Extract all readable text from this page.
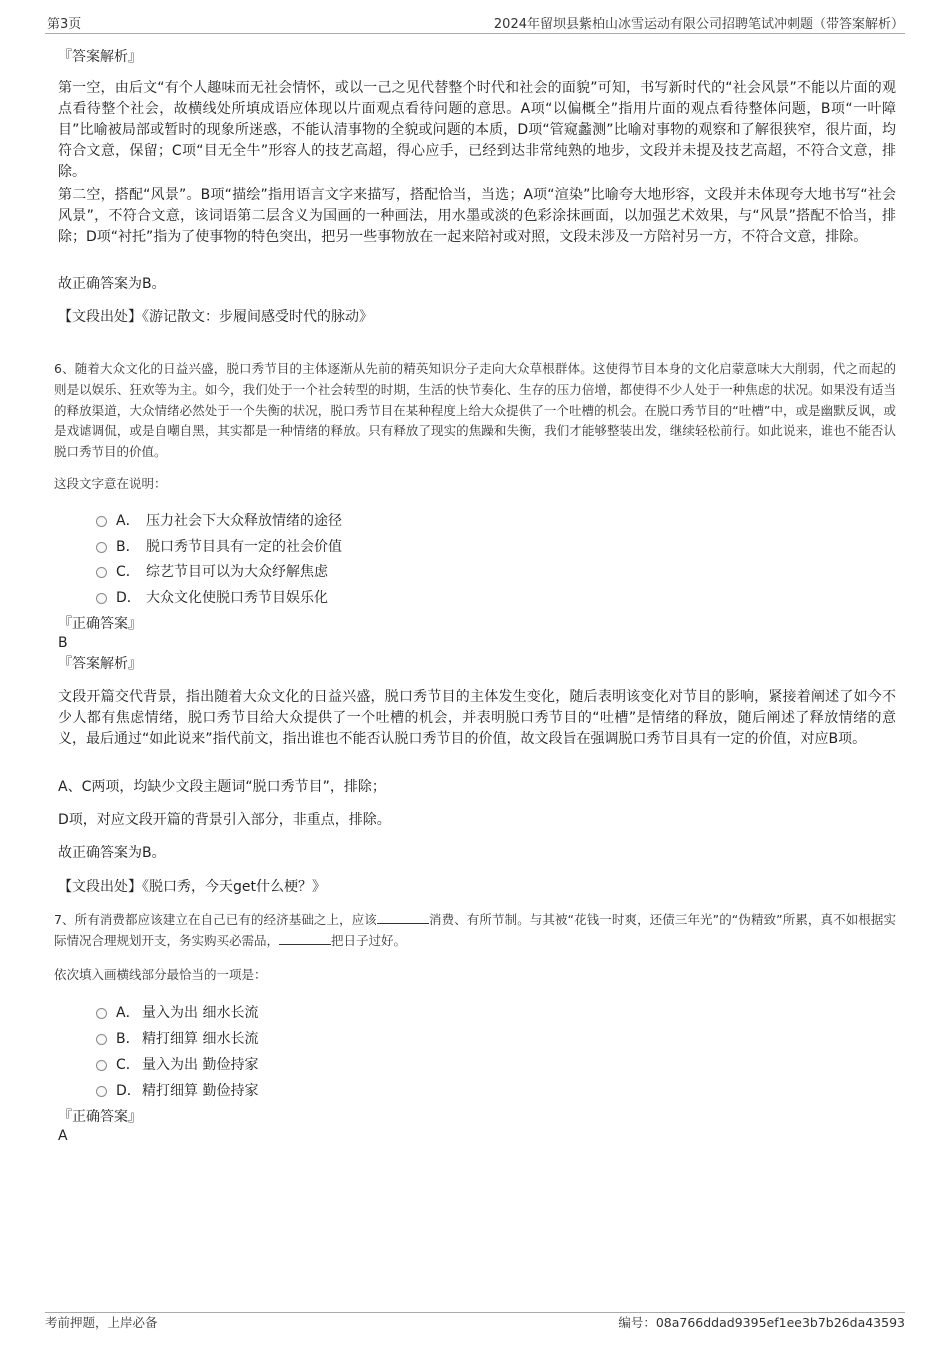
第3页	2024年留坝县紫柏山冰雪运动有限公司招聘笔试冲刺题（带答案解析）

『答案解析』

第一空，由后文“有个人趣味而无社会情怀，或以一己之见代替整个时代和社会的面貌”可知，书写新时代的“社会风景”不能以片面的观点看待整个社会，故横线处所填成语应体现以片面观点看待问题的意思。A项“以偏概全”指用片面的观点看待整体问题，B项“一叶障目”比喻被局部或暂时的现象所迷惑，不能认清事物的全貌或问题的本质，D项“管窥蠡测”比喻对事物的观察和了解很狭窄，很片面，均符合文意，保留；C项“目无全牛”形容人的技艺高超，得心应手，已经到达非常纯熟的地步，文段并未提及技艺高超，不符合文意，排除。

第二空，搭配“风景”。B项“描绘”指用语言文字来描写，搭配恰当，当选；A项“渲染”比喻夸大地形容，文段并未体现夸大地书写“社会风景”，不符合文意，该词语第二层含义为国画的一种画法，用水墨或淡的色彩涂抹画面，以加强艺术效果，与“风景”搭配不恰当，排除；D项“衬托”指为了使事物的特色突出，把另一些事物放在一起来陪衬或对照，文段未涉及一方陪衬另一方，不符合文意，排除。

故正确答案为B。

【文段出处】《游记散文：步履间感受时代的脉动》

6、随着大众文化的日益兴盛，脱口秀节目的主体逐渐从先前的精英知识分子走向大众草根群体。这使得节目本身的文化启蒙意味大大削弱，代之而起的则是以娱乐、狂欢等为主。如今，我们处于一个社会转型的时期，生活的快节奏化、生存的压力倍增，都使得不少人处于一种焦虑的状况。如果没有适当的释放渠道，大众情绪必然处于一个失衡的状况，脱口秀节目在某种程度上给大众提供了一个吐槽的机会。在脱口秀节目的“吐槽”中，或是幽默反讽，或是戏谑调侃，或是自嘲自黑，其实都是一种情绪的释放。只有释放了现实的焦躁和失衡，我们才能够整装出发，继续轻松前行。如此说来，谁也不能否认脱口秀节目的价值。

这段文字意在说明：

A． 压力社会下大众释放情绪的途径
B． 脱口秀节目具有一定的社会价值
C． 综艺节目可以为大众纾解焦虑
D． 大众文化使脱口秀节目娱乐化

『正确答案』

B

『答案解析』

文段开篇交代背景，指出随着大众文化的日益兴盛，脱口秀节目的主体发生变化，随后表明该变化对节目的影响，紧接着阐述了如今不少人都有焦虑情绪，脱口秀节目给大众提供了一个吐槽的机会，并表明脱口秀节目的“吐槽”是情绪的释放，随后阐述了释放情绪的意义，最后通过“如此说来”指代前文，指出谁也不能否认脱口秀节目的价值，故文段旨在强调脱口秀节目具有一定的价值，对应B项。

A、C两项，均缺少文段主题词“脱口秀节目”，排除；

D项，对应文段开篇的背景引入部分，非重点，排除。

故正确答案为B。

【文段出处】《脱口秀，今天get什么梗？》

7、所有消费都应该建立在自己已有的经济基础之上，应该	消费、有所节制。与其被“花钱一时爽，还债三年光”的“伪精致”所累，真不如根据实际情况合理规划开支，务实购买必需品，	把日子过好。

依次填入画横线部分最恰当的一项是：

A． 量入为出 细水长流
B． 精打细算 细水长流
C． 量入为出 勤俭持家
D． 精打细算 勤俭持家

『正确答案』

A

考前押题，上岸必备	编号：08a766ddad9395ef1ee3b7b26da43593
